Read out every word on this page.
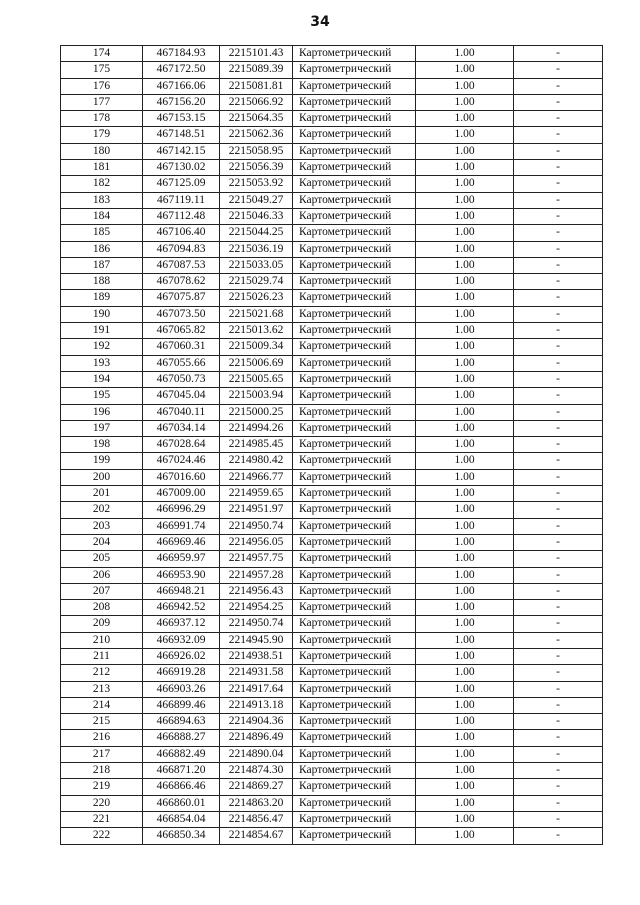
34
174	467184.93	2215101.43	Картометрический	1.00	-
175	467172.50	2215089.39	Картометрический	1.00	-
176	467166.06	2215081.81	Картометрический	1.00	-
177	467156.20	2215066.92	Картометрический	1.00	-
178	467153.15	2215064.35	Картометрический	1.00	-
179	467148.51	2215062.36	Картометрический	1.00	-
180	467142.15	2215058.95	Картометрический	1.00	-
181	467130.02	2215056.39	Картометрический	1.00	-
182	467125.09	2215053.92	Картометрический	1.00	-
183	467119.11	2215049.27	Картометрический	1.00	-
184	467112.48	2215046.33	Картометрический	1.00	-
185	467106.40	2215044.25	Картометрический	1.00	-
186	467094.83	2215036.19	Картометрический	1.00	-
187	467087.53	2215033.05	Картометрический	1.00	-
188	467078.62	2215029.74	Картометрический	1.00	-
189	467075.87	2215026.23	Картометрический	1.00	-
190	467073.50	2215021.68	Картометрический	1.00	-
191	467065.82	2215013.62	Картометрический	1.00	-
192	467060.31	2215009.34	Картометрический	1.00	-
193	467055.66	2215006.69	Картометрический	1.00	-
194	467050.73	2215005.65	Картометрический	1.00	-
195	467045.04	2215003.94	Картометрический	1.00	-
196	467040.11	2215000.25	Картометрический	1.00	-
197	467034.14	2214994.26	Картометрический	1.00	-
198	467028.64	2214985.45	Картометрический	1.00	-
199	467024.46	2214980.42	Картометрический	1.00	-
200	467016.60	2214966.77	Картометрический	1.00	-
201	467009.00	2214959.65	Картометрический	1.00	-
202	466996.29	2214951.97	Картометрический	1.00	-
203	466991.74	2214950.74	Картометрический	1.00	-
204	466969.46	2214956.05	Картометрический	1.00	-
205	466959.97	2214957.75	Картометрический	1.00	-
206	466953.90	2214957.28	Картометрический	1.00	-
207	466948.21	2214956.43	Картометрический	1.00	-
208	466942.52	2214954.25	Картометрический	1.00	-
209	466937.12	2214950.74	Картометрический	1.00	-
210	466932.09	2214945.90	Картометрический	1.00	-
211	466926.02	2214938.51	Картометрический	1.00	-
212	466919.28	2214931.58	Картометрический	1.00	-
213	466903.26	2214917.64	Картометрический	1.00	-
214	466899.46	2214913.18	Картометрический	1.00	-
215	466894.63	2214904.36	Картометрический	1.00	-
216	466888.27	2214896.49	Картометрический	1.00	-
217	466882.49	2214890.04	Картометрический	1.00	-
218	466871.20	2214874.30	Картометрический	1.00	-
219	466866.46	2214869.27	Картометрический	1.00	-
220	466860.01	2214863.20	Картометрический	1.00	-
221	466854.04	2214856.47	Картометрический	1.00	-
222	466850.34	2214854.67	Картометрический	1.00	-
